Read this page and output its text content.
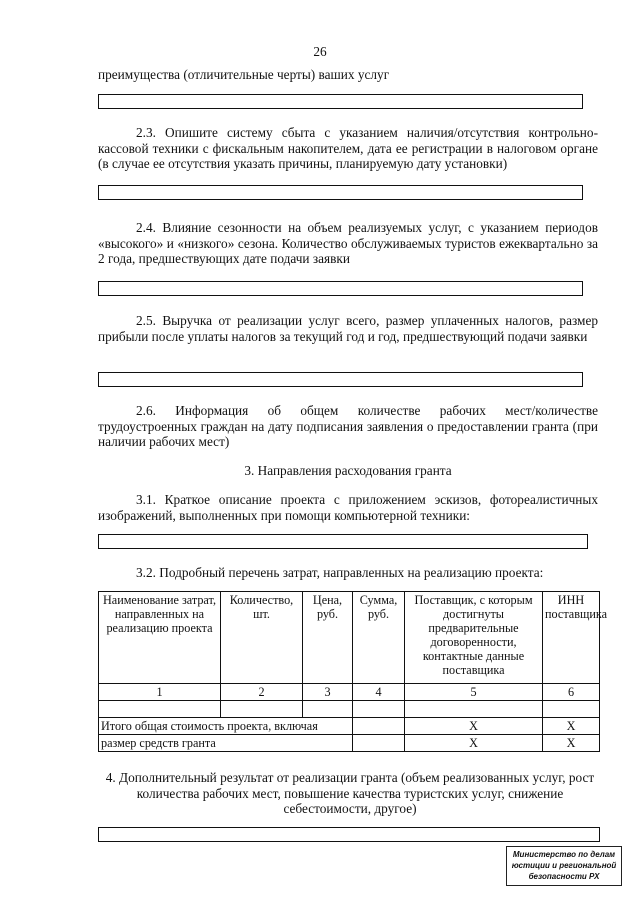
26
преимущества (отличительные черты) ваших услуг
2.3. Опишите систему сбыта с указанием наличия/отсутствия контрольно-кассовой техники с фискальным накопителем, дата ее регистрации в налоговом органе (в случае ее отсутствия указать причины, планируемую дату установки)
2.4. Влияние сезонности на объем реализуемых услуг, с указанием периодов «высокого» и «низкого» сезона. Количество обслуживаемых туристов ежеквартально за 2 года, предшествующих дате подачи заявки
2.5. Выручка от реализации услуг всего, размер уплаченных налогов, размер прибыли после уплаты налогов за текущий год и год, предшествующий подачи заявки
2.6. Информация об общем количестве рабочих мест/количестве трудоустроенных граждан на дату подписания заявления о предоставлении гранта (при наличии рабочих мест)
3. Направления расходования гранта
3.1. Краткое описание проекта с приложением эскизов, фотореалистичных изображений, выполненных при помощи компьютерной техники:
3.2. Подробный перечень затрат, направленных на реализацию проекта:
Наименование затрат, направленных на реализацию проекта	Количество, шт.	Цена, руб.	Сумма, руб.	Поставщик, с которым достигнуты предварительные договоренности, контактные данные поставщика	ИНН поставщика
1	2	3	4	5	6

Итого общая стоимость проекта, включая				X	X
размер средств гранта				X	X
4. Дополнительный результат от реализации гранта (объем реализованных услуг, рост количества рабочих мест, повышение качества туристских услуг, снижение себестоимости, другое)
Министерство по делам
юстиции и региональной
безопасности РХ
